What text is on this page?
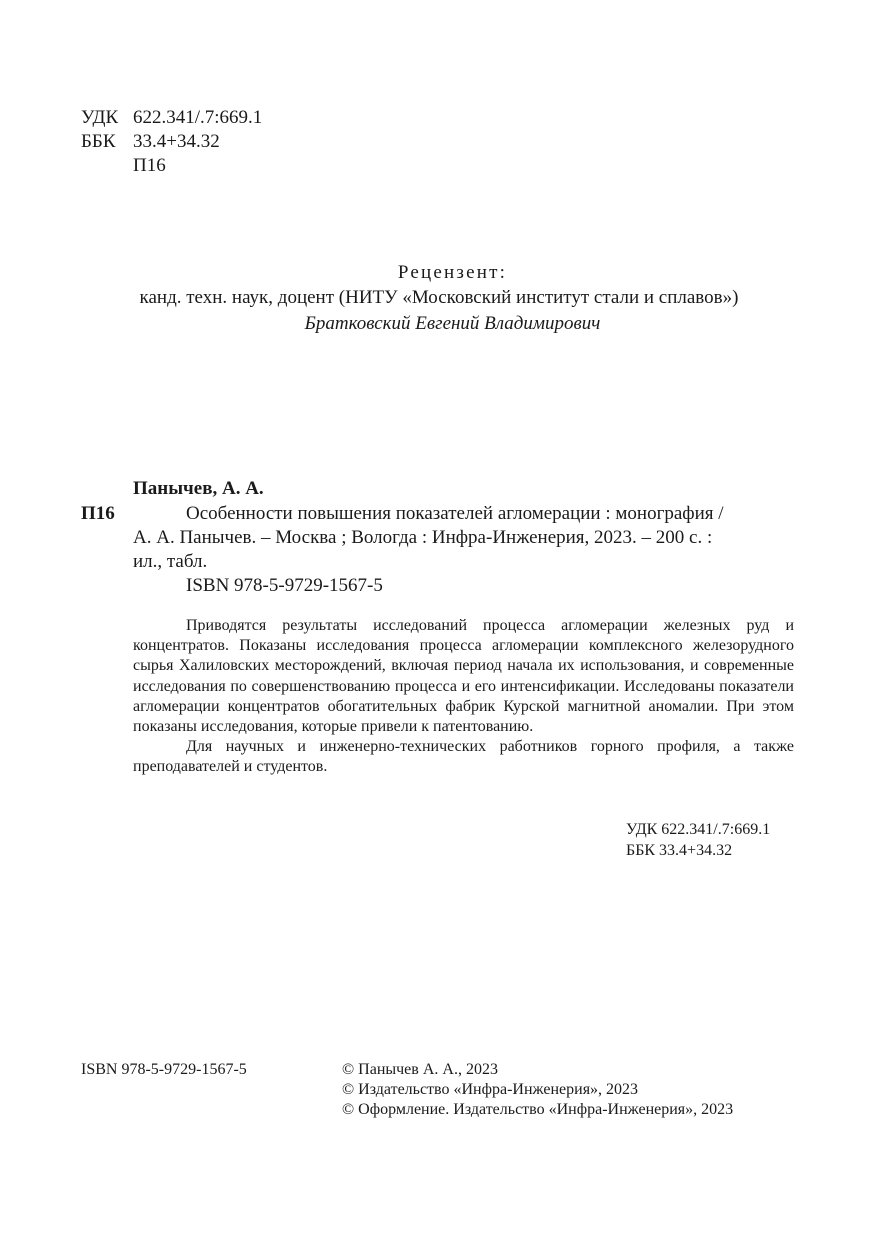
УДК 622.341/.7:669.1
ББК 33.4+34.32
П16
Рецензент:
канд. техн. наук, доцент (НИТУ «Московский институт стали и сплавов»)
Братковский Евгений Владимирович
Панычев, А. А.
П16	Особенности повышения показателей агломерации : монография /
А. А. Панычев. – Москва ; Вологда : Инфра-Инженерия, 2023. – 200 с. :
ил., табл.
ISBN 978-5-9729-1567-5

Приводятся результаты исследований процесса агломерации железных руд и концентратов. Показаны исследования процесса агломерации комплексного железорудного сырья Халиловских месторождений, включая период начала их использования, и современные исследования по совершенствованию процесса и его интенсификации. Исследованы показатели агломерации концентратов обогатительных фабрик Курской магнитной аномалии. При этом показаны исследования, которые привели к патентованию.

Для научных и инженерно-технических работников горного профиля, а также преподавателей и студентов.

УДК 622.341/.7:669.1
ББК 33.4+34.32
ISBN 978-5-9729-1567-5	© Панычев А. А., 2023
© Издательство «Инфра-Инженерия», 2023
© Оформление. Издательство «Инфра-Инженерия», 2023
